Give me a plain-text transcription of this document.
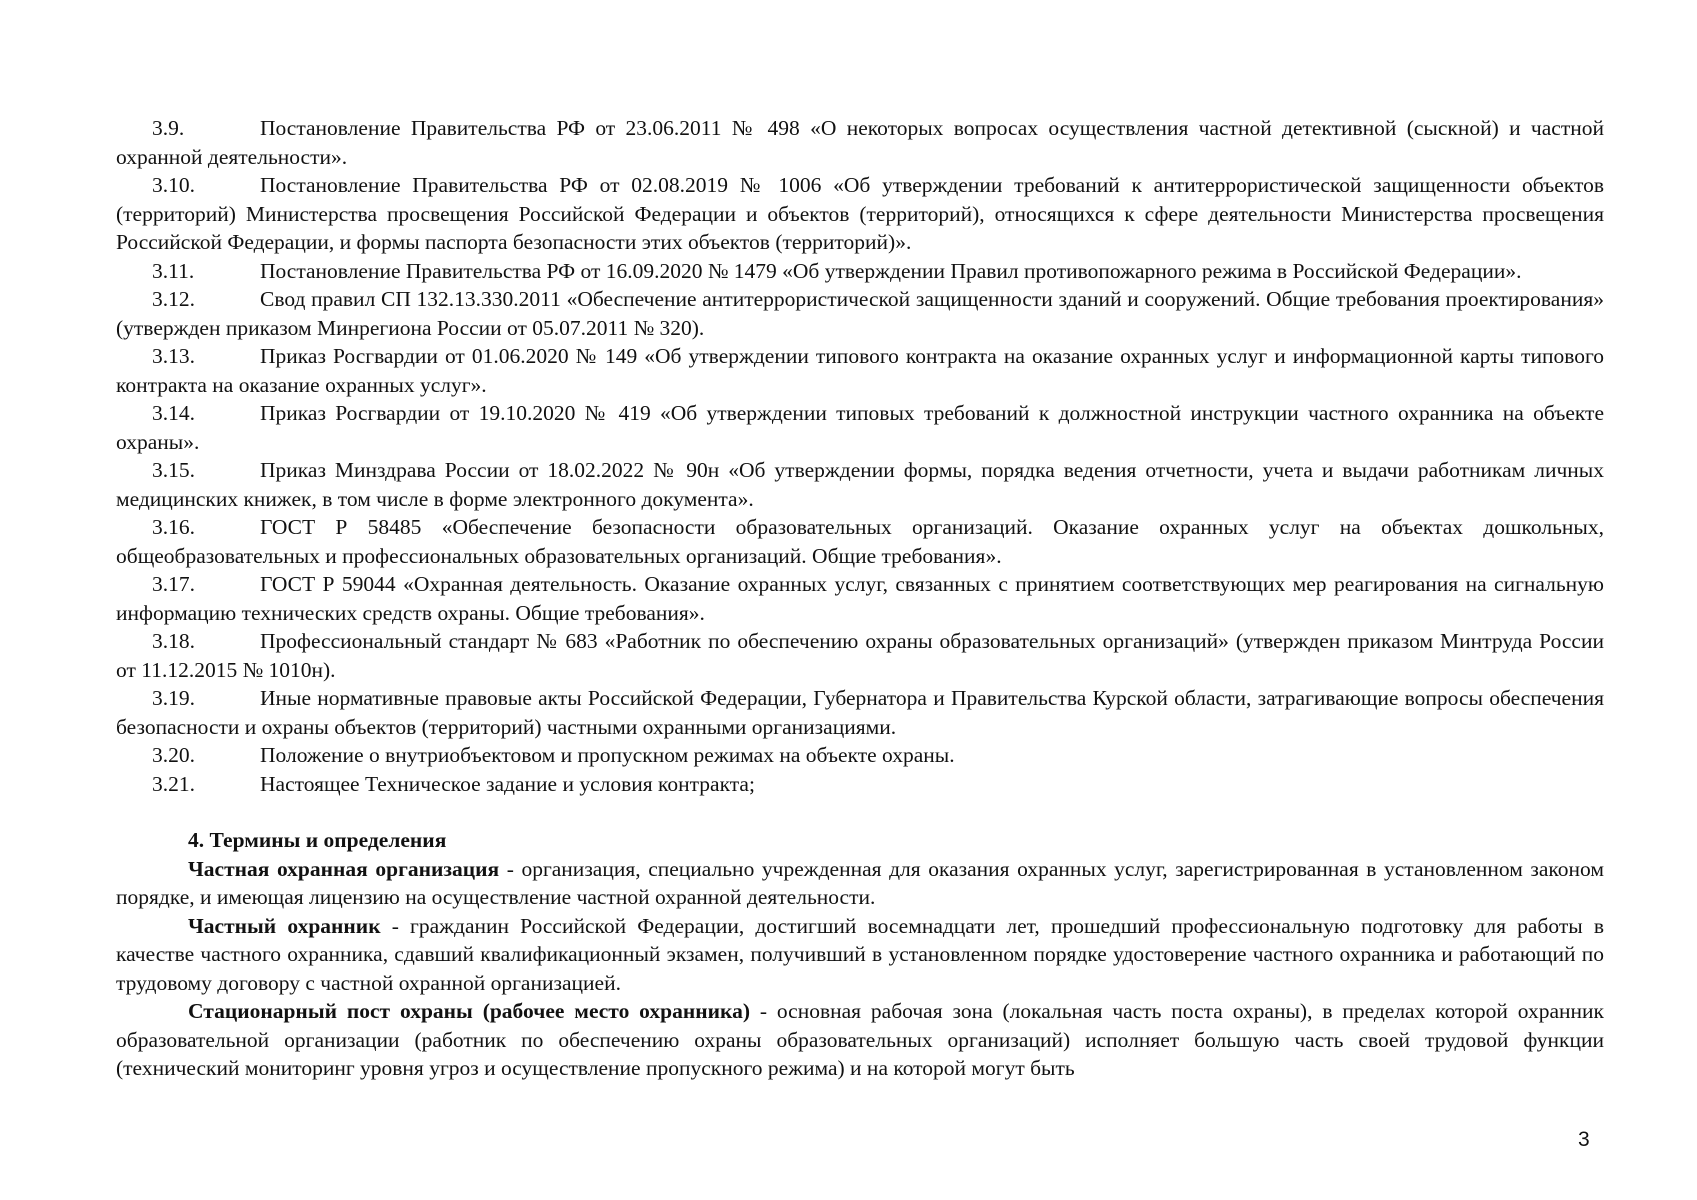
3.9.	Постановление Правительства РФ от 23.06.2011 № 498 «О некоторых вопросах осуществления частной детективной (сыскной) и частной охранной деятельности».

3.10.	Постановление Правительства РФ от 02.08.2019 № 1006 «Об утверждении требований к антитеррористической защищенности объектов (территорий) Министерства просвещения Российской Федерации и объектов (территорий), относящихся к сфере деятельности Министерства просвещения Российской Федерации, и формы паспорта безопасности этих объектов (территорий)».

3.11.	Постановление Правительства РФ от 16.09.2020 № 1479 «Об утверждении Правил противопожарного режима в Российской Федерации».

3.12.	Свод правил СП 132.13.330.2011 «Обеспечение антитеррористической защищенности зданий и сооружений. Общие требования проектирования» (утвержден приказом Минрегиона России от 05.07.2011 № 320).

3.13.	Приказ Росгвардии от 01.06.2020 № 149 «Об утверждении типового контракта на оказание охранных услуг и информационной карты типового контракта на оказание охранных услуг».

3.14.	Приказ Росгвардии от 19.10.2020 № 419 «Об утверждении типовых требований к должностной инструкции частного охранника на объекте охраны».

3.15.	Приказ Минздрава России от 18.02.2022 № 90н «Об утверждении формы, порядка ведения отчетности, учета и выдачи работникам личных медицинских книжек, в том числе в форме электронного документа».

3.16.	ГОСТ Р 58485 «Обеспечение безопасности образовательных организаций. Оказание охранных услуг на объектах дошкольных, общеобразовательных и профессиональных образовательных организаций. Общие требования».

3.17.	ГОСТ Р 59044 «Охранная деятельность. Оказание охранных услуг, связанных с принятием соответствующих мер реагирования на сигнальную информацию технических средств охраны. Общие требования».

3.18.	Профессиональный стандарт № 683 «Работник по обеспечению охраны образовательных организаций» (утвержден приказом Минтруда России от 11.12.2015 № 1010н).

3.19.	Иные нормативные правовые акты Российской Федерации, Губернатора и Правительства Курской области, затрагивающие вопросы обеспечения безопасности и охраны объектов (территорий) частными охранными организациями.

3.20.	Положение о внутриобъектовом и пропускном режимах на объекте охраны.

3.21.	Настоящее Техническое задание и условия контракта;

4. Термины и определения

Частная охранная организация - организация, специально учрежденная для оказания охранных услуг, зарегистрированная в установленном законом порядке, и имеющая лицензию на осуществление частной охранной деятельности.

Частный охранник - гражданин Российской Федерации, достигший восемнадцати лет, прошедший профессиональную подготовку для работы в качестве частного охранника, сдавший квалификационный экзамен, получивший в установленном порядке удостоверение частного охранника и работающий по трудовому договору с частной охранной организацией.

Стационарный пост охраны (рабочее место охранника) - основная рабочая зона (локальная часть поста охраны), в пределах которой охранник образовательной организации (работник по обеспечению охраны образовательных организаций) исполняет большую часть своей трудовой функции (технический мониторинг уровня угроз и осуществление пропускного режима) и на которой могут быть

3
